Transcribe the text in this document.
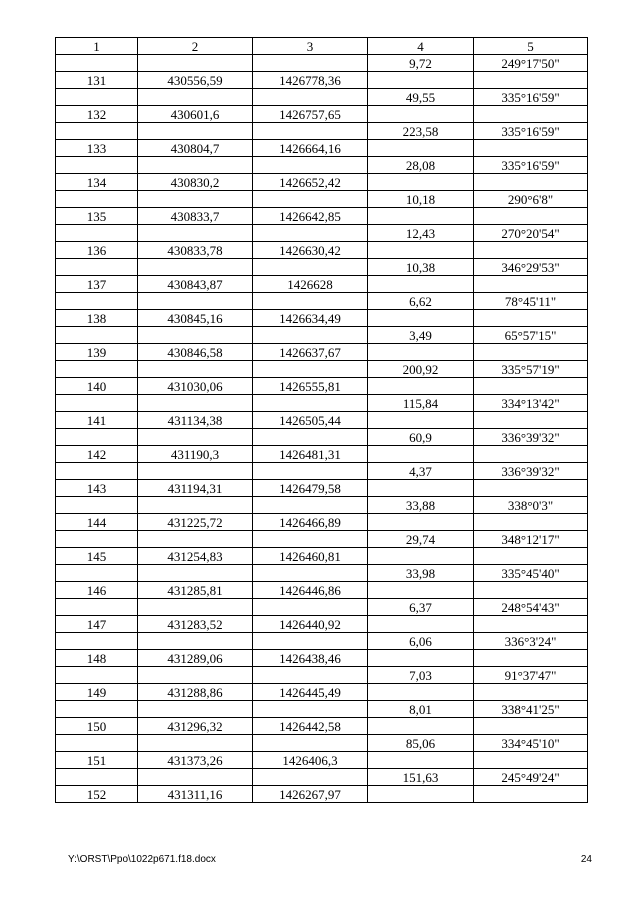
1	2	3	4	5
			9,72	249°17'50"
131	430556,59	1426778,36		
			49,55	335°16'59"
132	430601,6	1426757,65		
			223,58	335°16'59"
133	430804,7	1426664,16		
			28,08	335°16'59"
134	430830,2	1426652,42		
			10,18	290°6'8"
135	430833,7	1426642,85		
			12,43	270°20'54"
136	430833,78	1426630,42		
			10,38	346°29'53"
137	430843,87	1426628		
			6,62	78°45'11"
138	430845,16	1426634,49		
			3,49	65°57'15"
139	430846,58	1426637,67		
			200,92	335°57'19"
140	431030,06	1426555,81		
			115,84	334°13'42"
141	431134,38	1426505,44		
			60,9	336°39'32"
142	431190,3	1426481,31		
			4,37	336°39'32"
143	431194,31	1426479,58		
			33,88	338°0'3"
144	431225,72	1426466,89		
			29,74	348°12'17"
145	431254,83	1426460,81		
			33,98	335°45'40"
146	431285,81	1426446,86		
			6,37	248°54'43"
147	431283,52	1426440,92		
			6,06	336°3'24"
148	431289,06	1426438,46		
			7,03	91°37'47"
149	431288,86	1426445,49		
			8,01	338°41'25"
150	431296,32	1426442,58		
			85,06	334°45'10"
151	431373,26	1426406,3		
			151,63	245°49'24"
152	431311,16	1426267,97		
Y:\ORST\Ppo\1022p671.f18.docx	24
